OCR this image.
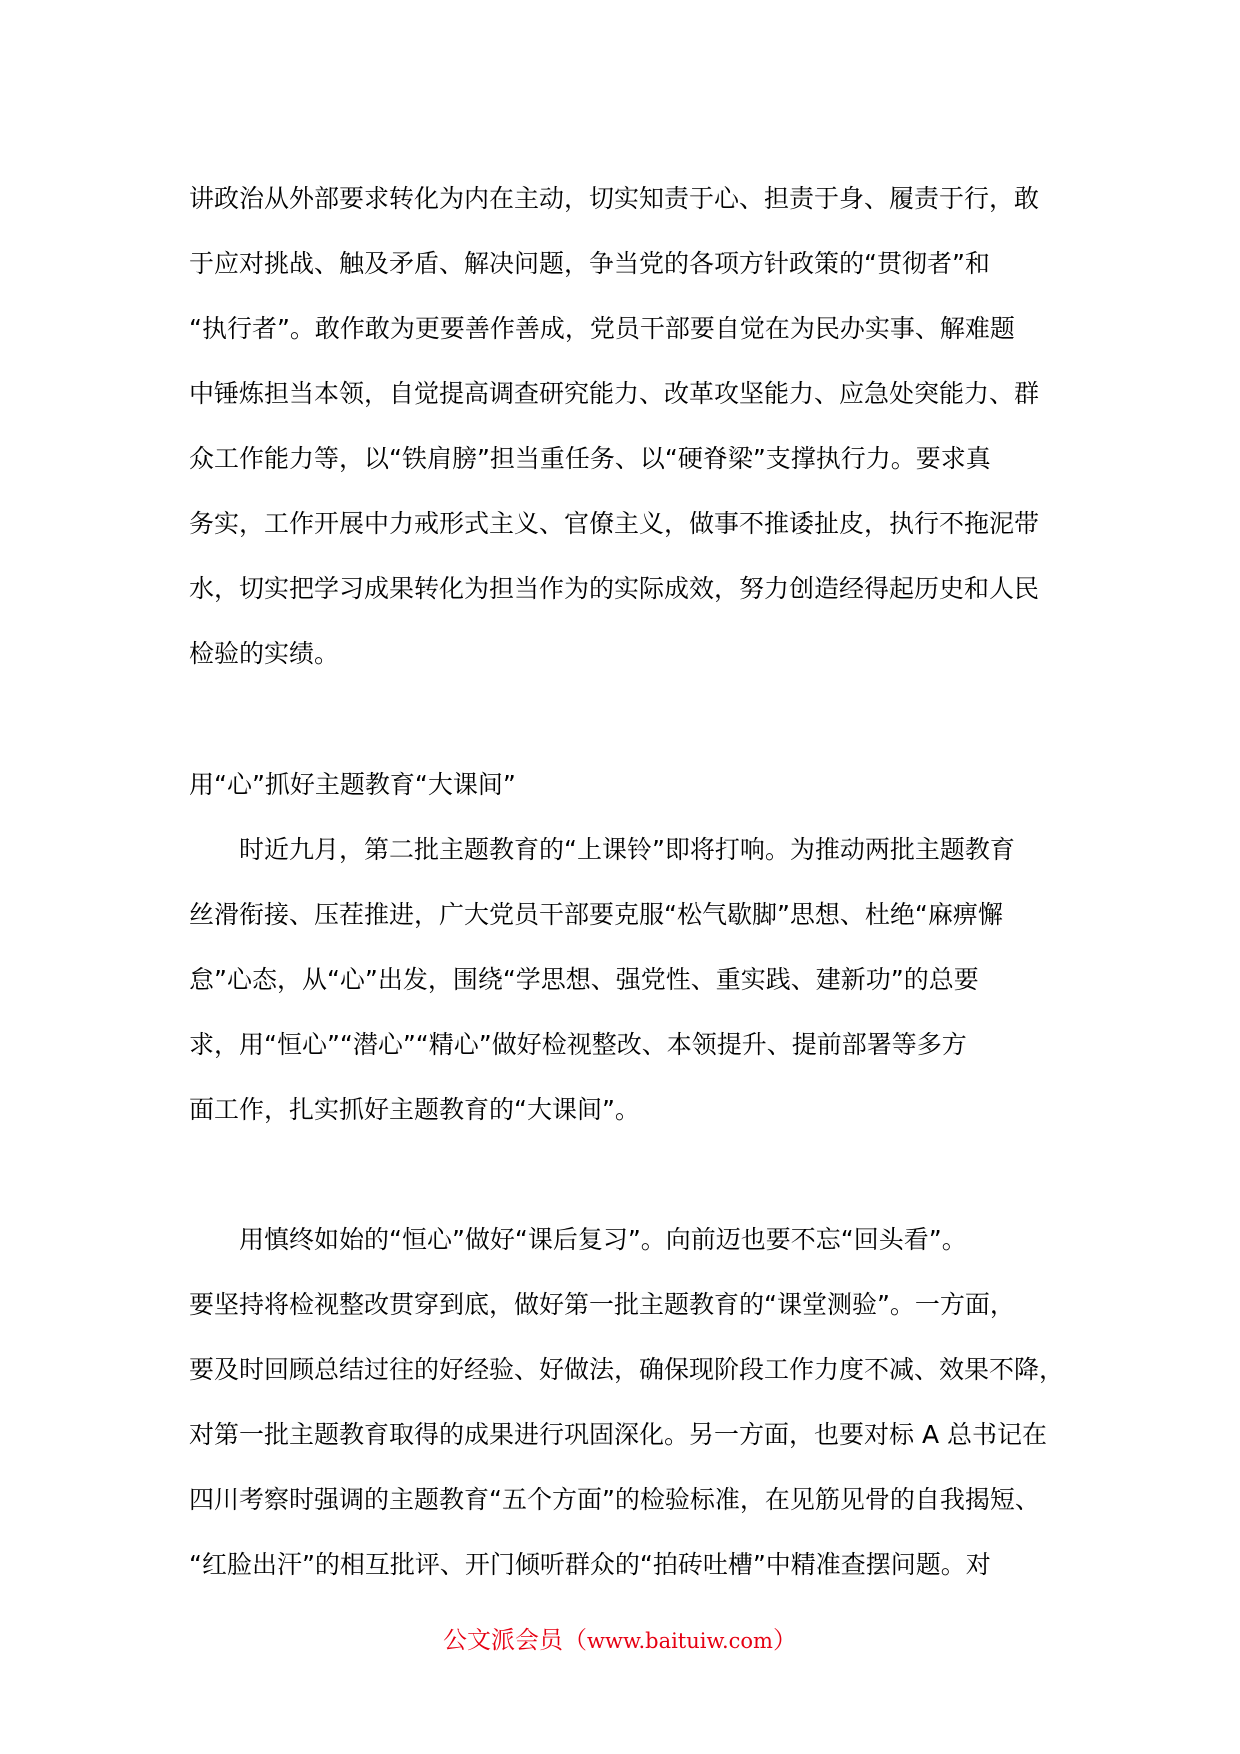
讲政治从外部要求转化为内在主动，切实知责于心、担责于身、履责于行，敢
于应对挑战、触及矛盾、解决问题，争当党的各项方针政策的“贯彻者”和
“执行者”。敢作敢为更要善作善成，党员干部要自觉在为民办实事、解难题
中锤炼担当本领，自觉提高调查研究能力、改革攻坚能力、应急处突能力、群
众工作能力等，以“铁肩膀”担当重任务、以“硬脊梁”支撑执行力。要求真
务实，工作开展中力戒形式主义、官僚主义，做事不推诿扯皮，执行不拖泥带
水，切实把学习成果转化为担当作为的实际成效，努力创造经得起历史和人民
检验的实绩。
用“心”抓好主题教育“大课间”
时近九月，第二批主题教育的“上课铃”即将打响。为推动两批主题教育
丝滑衔接、压茬推进，广大党员干部要克服“松气歇脚”思想、杜绝“麻痹懈
怠”心态，从“心”出发，围绕“学思想、强党性、重实践、建新功”的总要
求，用“恒心”“潜心”“精心”做好检视整改、本领提升、提前部署等多方
面工作，扎实抓好主题教育的“大课间”。
用慎终如始的“恒心”做好“课后复习”。向前迈也要不忘“回头看”。
要坚持将检视整改贯穿到底，做好第一批主题教育的“课堂测验”。一方面，
要及时回顾总结过往的好经验、好做法，确保现阶段工作力度不减、效果不降，
对第一批主题教育取得的成果进行巩固深化。另一方面，也要对标 A 总书记在
四川考察时强调的主题教育“五个方面”的检验标准，在见筋见骨的自我揭短、
“红脸出汗”的相互批评、开门倾听群众的“拍砖吐槽”中精准查摆问题。对
公文派会员（www.baituiw.com）
